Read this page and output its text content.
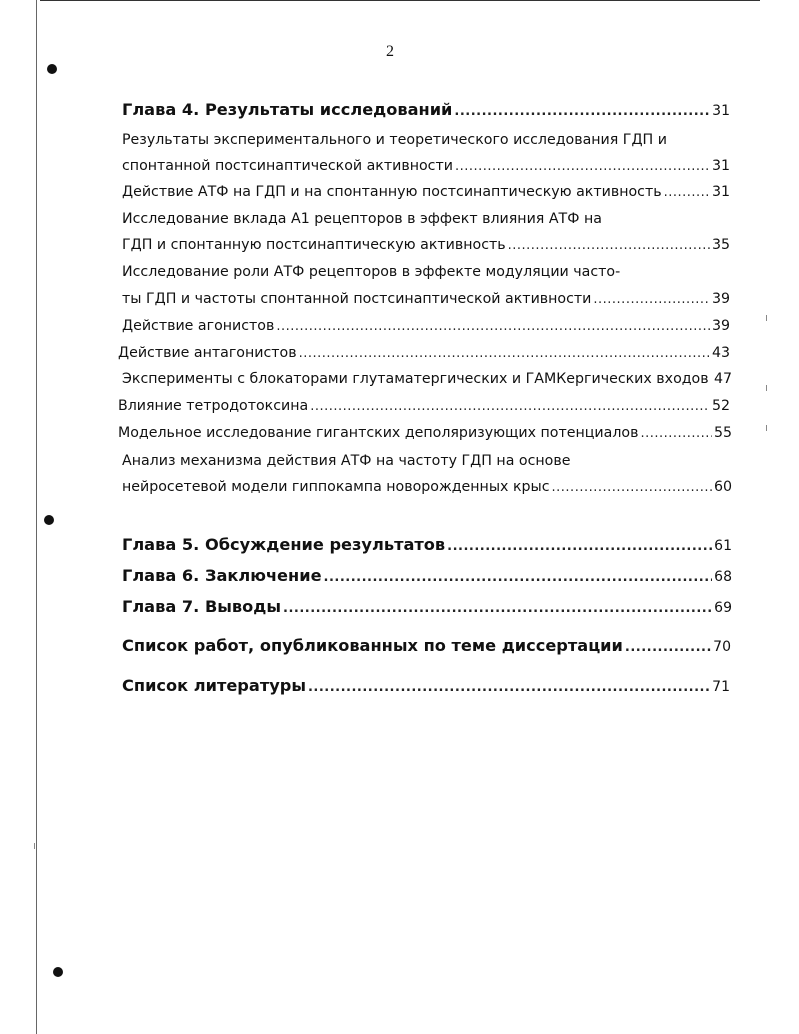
2
Глава 4. Результаты исследований .....	31
Результаты экспериментального и теоретического исследования ГДП и
спонтанной постсинаптической активности .....	31
Действие АТФ на ГДП и на спонтанную постсинаптическую активность .....	31
Исследование вклада А1 рецепторов в эффект влияния АТФ на
ГДП и спонтанную постсинаптическую активность .....	35
Исследование роли АТФ рецепторов в эффекте модуляции часто-
ты ГДП и частоты спонтанной постсинаптической активности .....	39
Действие агонистов .....	39
Действие антагонистов .....	43
Эксперименты с блокаторами глутаматергических и ГАМКергических входов ..... 47
Влияние тетродотоксина .....	52
Модельное исследование гигантских деполяризующих потенциалов .....	55
Анализ механизма действия АТФ на частоту ГДП на основе
нейросетевой модели гиппокампа новорожденных крыс .....	60
Глава 5. Обсуждение результатов .....	61
Глава 6. Заключение .....	68
Глава 7. Выводы .....	69
Список работ, опубликованных по теме диссертации .....	70
Список литературы .....	71
